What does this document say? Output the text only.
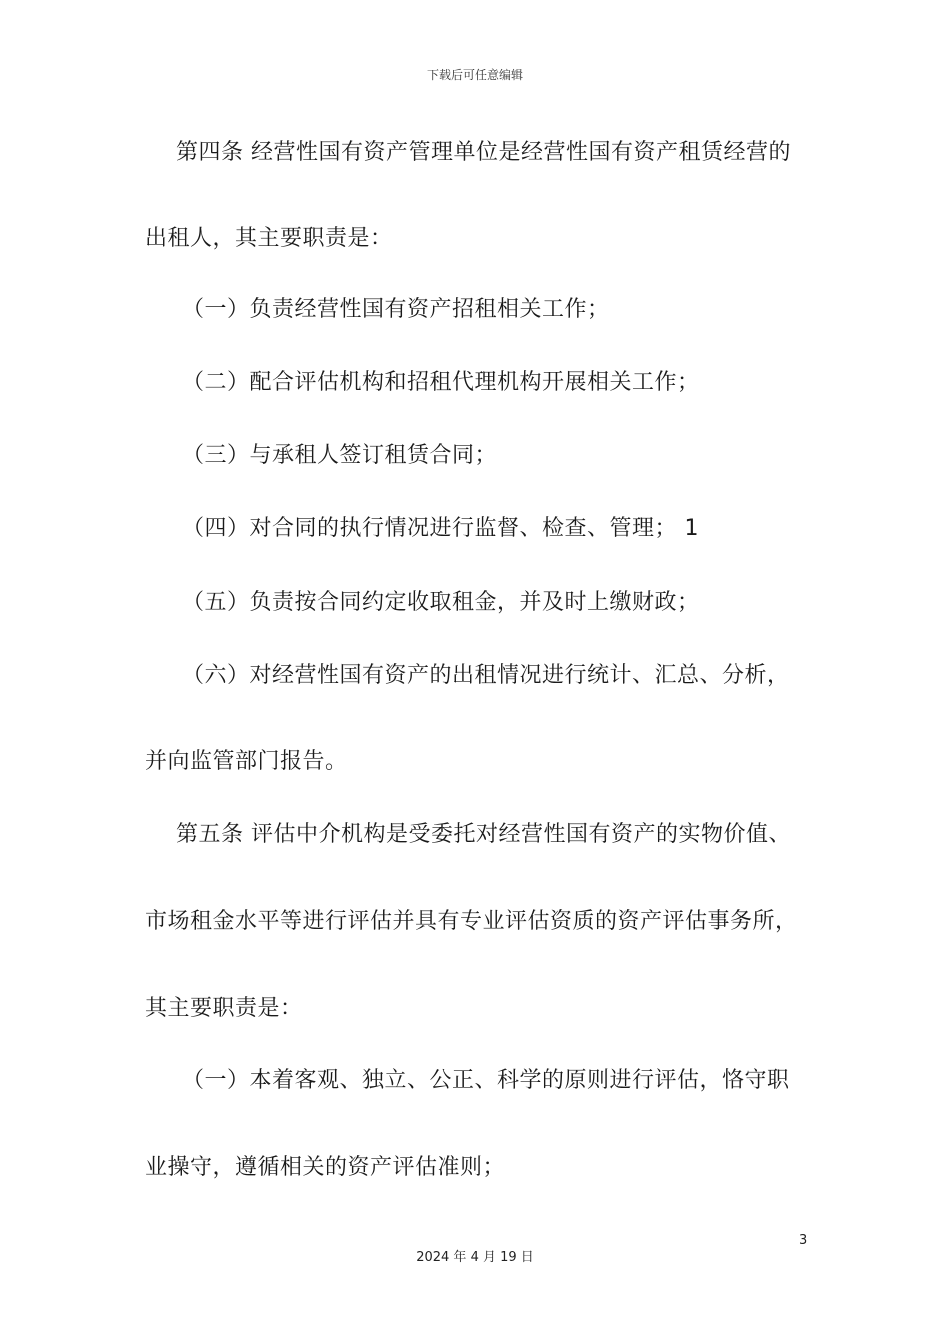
下载后可任意编辑
第四条 经营性国有资产管理单位是经营性国有资产租赁经营的
出租人，其主要职责是：
（一）负责经营性国有资产招租相关工作；
（二）配合评估机构和招租代理机构开展相关工作；
（三）与承租人签订租赁合同；
（四）对合同的执行情况进行监督、检查、管理； 1
（五）负责按合同约定收取租金，并及时上缴财政；
（六）对经营性国有资产的出租情况进行统计、汇总、分析，
并向监管部门报告。
第五条 评估中介机构是受委托对经营性国有资产的实物价值、
市场租金水平等进行评估并具有专业评估资质的资产评估事务所，
其主要职责是：
（一）本着客观、独立、公正、科学的原则进行评估，恪守职
业操守，遵循相关的资产评估准则；
3
2024 年 4 月 19 日
